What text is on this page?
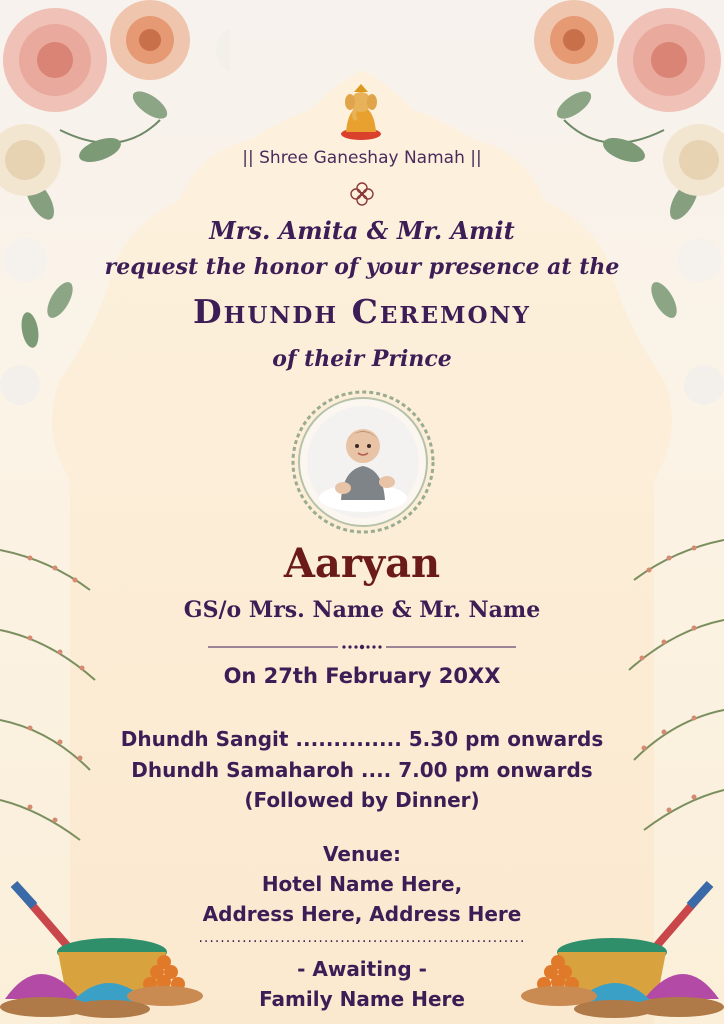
|| Shree Ganeshay Namah ||
Mrs. Amita & Mr. Amit
request the honor of your presence at the
Dhundh Ceremony
of their Prince
Aaryan
GS/o Mrs. Name & Mr. Name
On 27th February 20XX
Dhundh Sangit .............. 5.30 pm onwards
Dhundh Samaharoh .... 7.00 pm onwards
(Followed by Dinner)
Venue:
Hotel Name Here,
Address Here, Address Here
............................................................
- Awaiting -
Family Name Here
